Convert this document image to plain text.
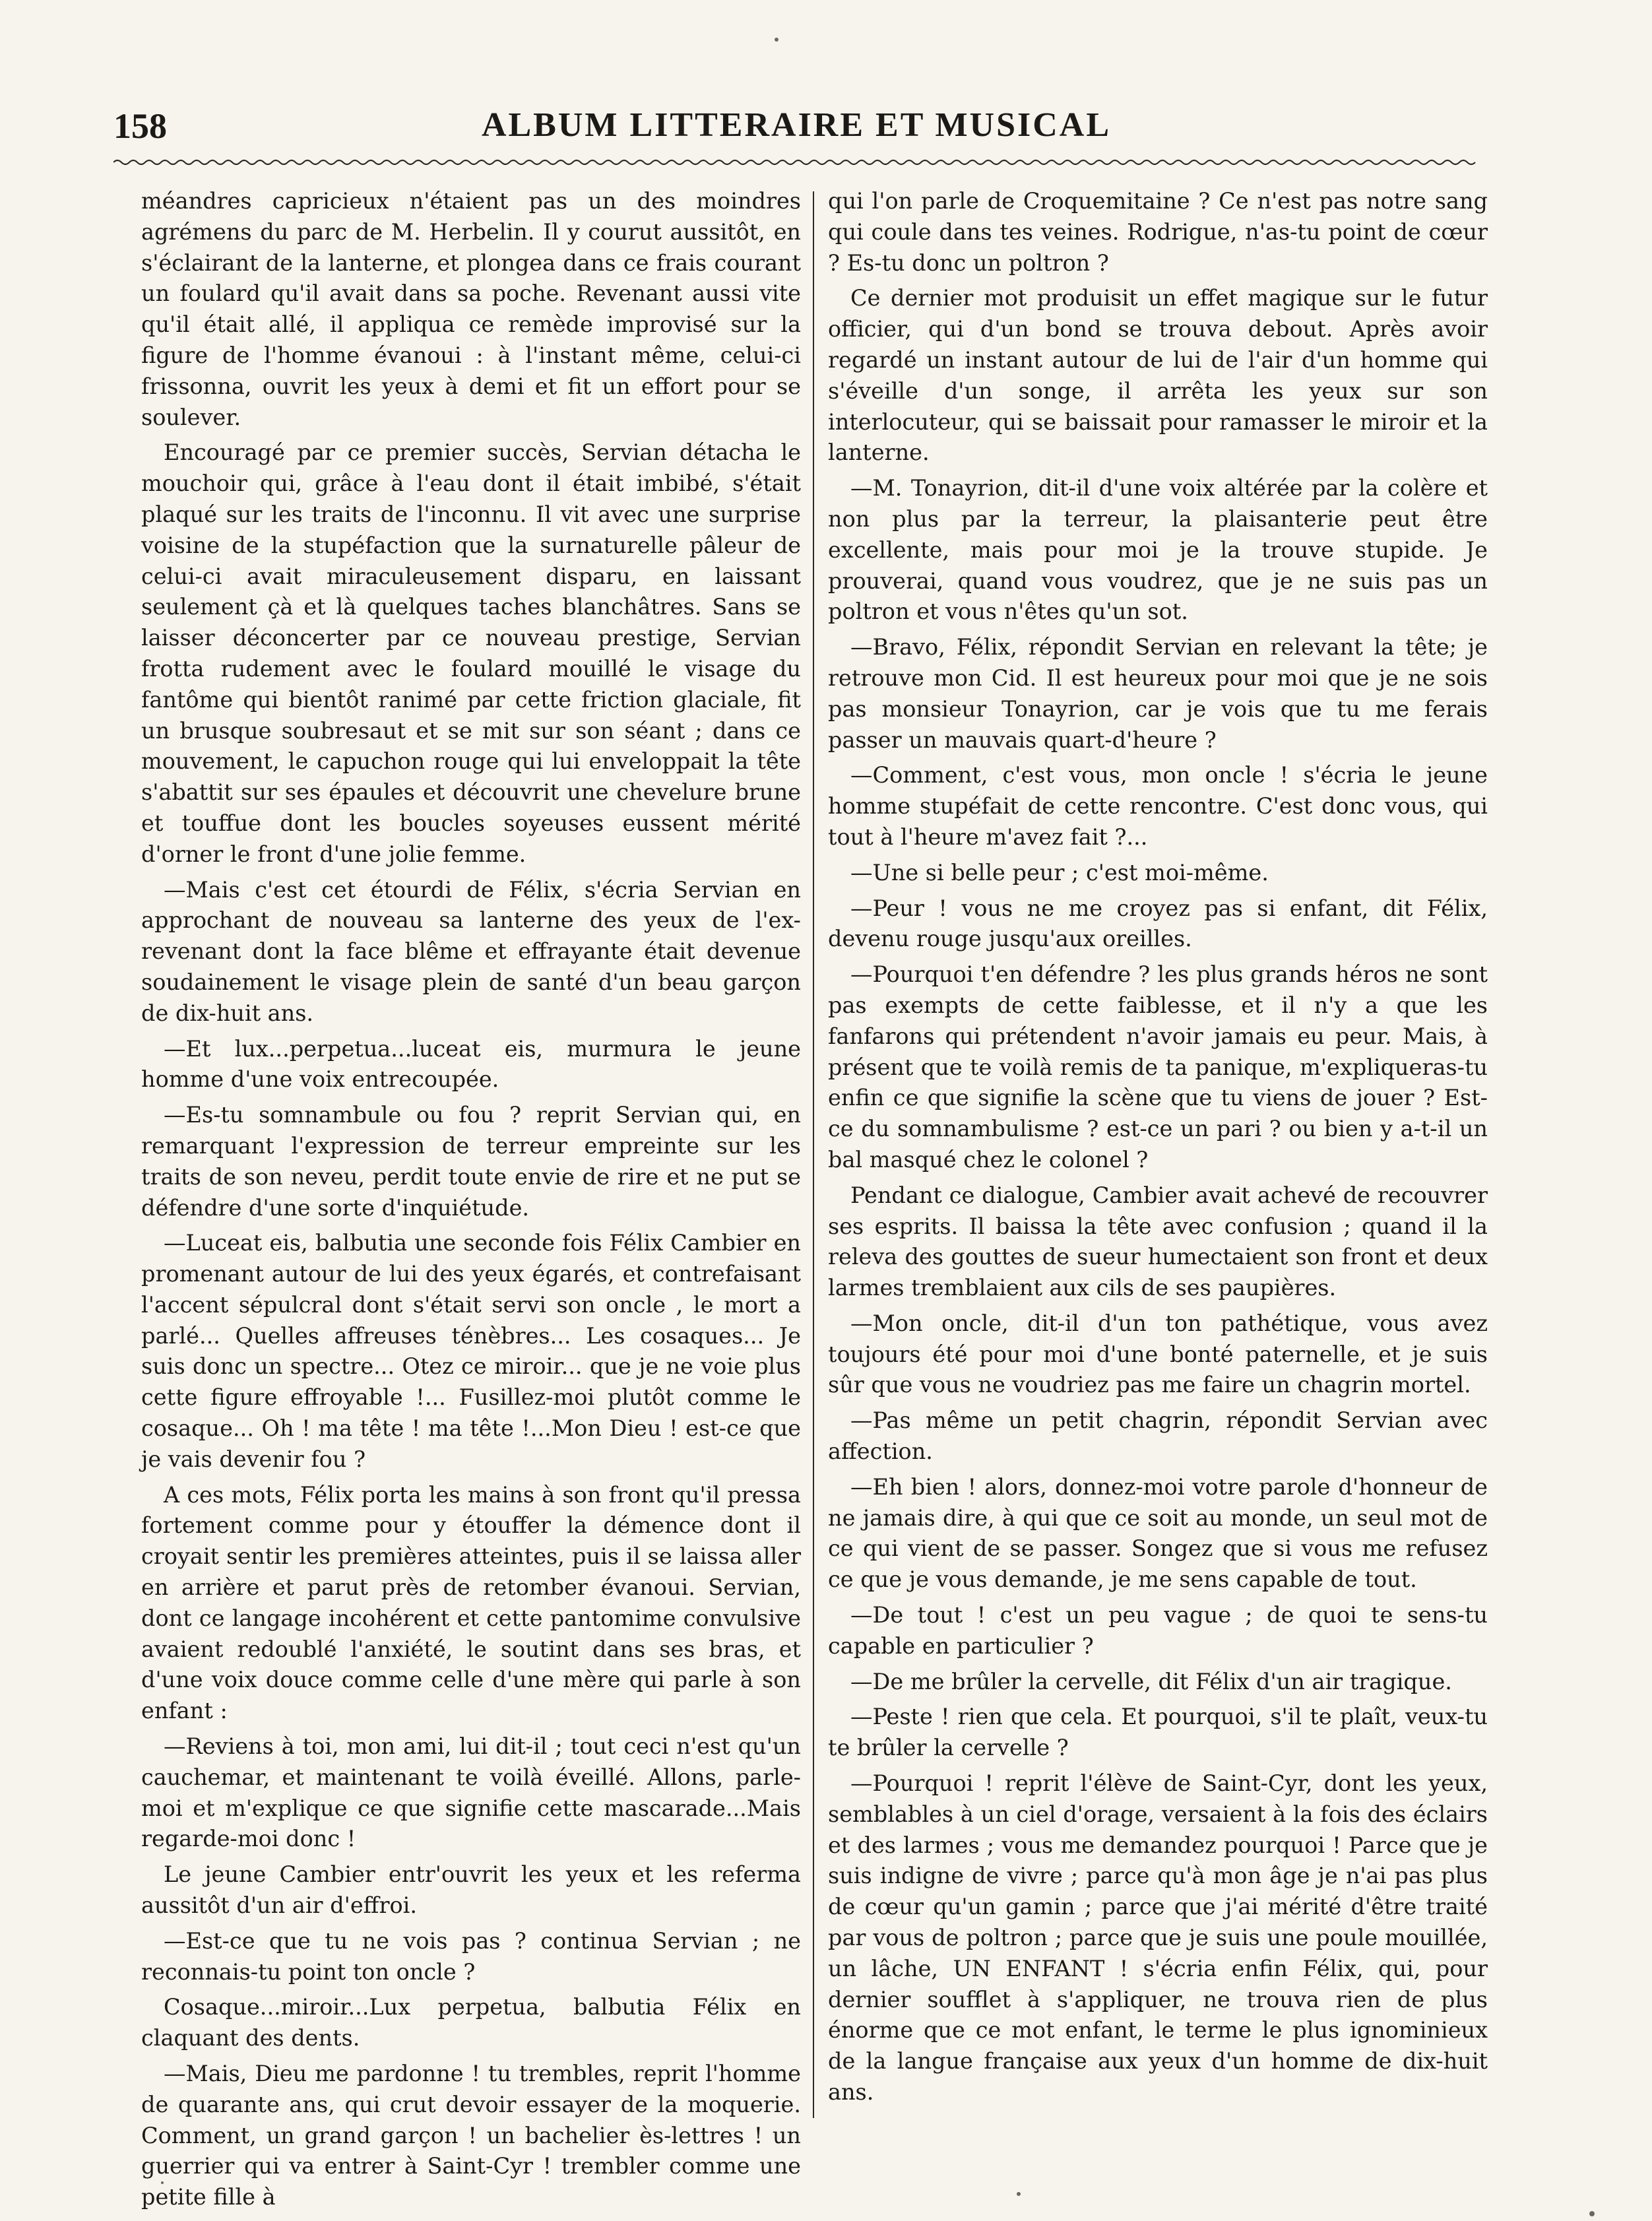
158	ALBUM LITTERAIRE ET MUSICAL

méandres capricieux n'étaient pas un des moindres agrémens du parc de M. Herbelin. Il y courut aussitôt, en s'éclairant de la lanterne, et plongea dans ce frais courant un foulard qu'il avait dans sa poche. Revenant aussi vite qu'il était allé, il appliqua ce remède improvisé sur la figure de l'homme évanoui : à l'instant même, celui-ci frissonna, ouvrit les yeux à demi et fit un effort pour se soulever.

Encouragé par ce premier succès, Servian détacha le mouchoir qui, grâce à l'eau dont il était imbibé, s'était plaqué sur les traits de l'inconnu. Il vit avec une surprise voisine de la stupéfaction que la surnaturelle pâleur de celui-ci avait miraculeusement disparu, en laissant seulement çà et là quelques taches blanchâtres. Sans se laisser déconcerter par ce nouveau prestige, Servian frotta rudement avec le foulard mouillé le visage du fantôme qui bientôt ranimé par cette friction glaciale, fit un brusque soubresaut et se mit sur son séant ; dans ce mouvement, le capuchon rouge qui lui enveloppait la tête s'abattit sur ses épaules et découvrit une chevelure brune et touffue dont les boucles soyeuses eussent mérité d'orner le front d'une jolie femme.

—Mais c'est cet étourdi de Félix, s'écria Servian en approchant de nouveau sa lanterne des yeux de l'ex-revenant dont la face blême et effrayante était devenue soudainement le visage plein de santé d'un beau garçon de dix-huit ans.

—Et lux...perpetua...luceat eis, murmura le jeune homme d'une voix entrecoupée.

—Es-tu somnambule ou fou ? reprit Servian qui, en remarquant l'expression de terreur empreinte sur les traits de son neveu, perdit toute envie de rire et ne put se défendre d'une sorte d'inquiétude.

—Luceat eis, balbutia une seconde fois Félix Cambier en promenant autour de lui des yeux égarés, et contrefaisant l'accent sépulcral dont s'était servi son oncle , le mort a parlé... Quelles affreuses ténèbres... Les cosaques... Je suis donc un spectre... Otez ce miroir... que je ne voie plus cette figure effroyable !... Fusillez-moi plutôt comme le cosaque... Oh ! ma tête ! ma tête !...Mon Dieu ! est-ce que je vais devenir fou ?

A ces mots, Félix porta les mains à son front qu'il pressa fortement comme pour y étouffer la démence dont il croyait sentir les premières atteintes, puis il se laissa aller en arrière et parut près de retomber évanoui. Servian, dont ce langage incohérent et cette pantomime convulsive avaient redoublé l'anxiété, le soutint dans ses bras, et d'une voix douce comme celle d'une mère qui parle à son enfant :

—Reviens à toi, mon ami, lui dit-il ; tout ceci n'est qu'un cauchemar, et maintenant te voilà éveillé. Allons, parle-moi et m'explique ce que signifie cette mascarade...Mais regarde-moi donc !

Le jeune Cambier entr'ouvrit les yeux et les referma aussitôt d'un air d'effroi.

—Est-ce que tu ne vois pas ? continua Servian ; ne reconnais-tu point ton oncle ?

Cosaque...miroir...Lux perpetua, balbutia Félix en claquant des dents.

—Mais, Dieu me pardonne ! tu trembles, reprit l'homme de quarante ans, qui crut devoir essayer de la moquerie. Comment, un grand garçon ! un bachelier ès-lettres ! un guerrier qui va entrer à Saint-Cyr ! trembler comme une petite fille à

qui l'on parle de Croquemitaine ? Ce n'est pas notre sang qui coule dans tes veines. Rodrigue, n'as-tu point de cœur ? Es-tu donc un poltron ?

Ce dernier mot produisit un effet magique sur le futur officier, qui d'un bond se trouva debout. Après avoir regardé un instant autour de lui de l'air d'un homme qui s'éveille d'un songe, il arrêta les yeux sur son interlocuteur, qui se baissait pour ramasser le miroir et la lanterne.

—M. Tonayrion, dit-il d'une voix altérée par la colère et non plus par la terreur, la plaisanterie peut être excellente, mais pour moi je la trouve stupide. Je prouverai, quand vous voudrez, que je ne suis pas un poltron et vous n'êtes qu'un sot.

—Bravo, Félix, répondit Servian en relevant la tête; je retrouve mon Cid. Il est heureux pour moi que je ne sois pas monsieur Tonayrion, car je vois que tu me ferais passer un mauvais quart-d'heure ?

—Comment, c'est vous, mon oncle ! s'écria le jeune homme stupéfait de cette rencontre. C'est donc vous, qui tout à l'heure m'avez fait ?...

—Une si belle peur ; c'est moi-même.

—Peur ! vous ne me croyez pas si enfant, dit Félix, devenu rouge jusqu'aux oreilles.

—Pourquoi t'en défendre ? les plus grands héros ne sont pas exempts de cette faiblesse, et il n'y a que les fanfarons qui prétendent n'avoir jamais eu peur. Mais, à présent que te voilà remis de ta panique, m'expliqueras-tu enfin ce que signifie la scène que tu viens de jouer ? Est-ce du somnambulisme ? est-ce un pari ? ou bien y a-t-il un bal masqué chez le colonel ?

Pendant ce dialogue, Cambier avait achevé de recouvrer ses esprits. Il baissa la tête avec confusion ; quand il la releva des gouttes de sueur humectaient son front et deux larmes tremblaient aux cils de ses paupières.

—Mon oncle, dit-il d'un ton pathétique, vous avez toujours été pour moi d'une bonté paternelle, et je suis sûr que vous ne voudriez pas me faire un chagrin mortel.

—Pas même un petit chagrin, répondit Servian avec affection.

—Eh bien ! alors, donnez-moi votre parole d'honneur de ne jamais dire, à qui que ce soit au monde, un seul mot de ce qui vient de se passer. Songez que si vous me refusez ce que je vous demande, je me sens capable de tout.

—De tout ! c'est un peu vague ; de quoi te sens-tu capable en particulier ?

—De me brûler la cervelle, dit Félix d'un air tragique.

—Peste ! rien que cela. Et pourquoi, s'il te plaît, veux-tu te brûler la cervelle ?

—Pourquoi ! reprit l'élève de Saint-Cyr, dont les yeux, semblables à un ciel d'orage, versaient à la fois des éclairs et des larmes ; vous me demandez pourquoi ! Parce que je suis indigne de vivre ; parce qu'à mon âge je n'ai pas plus de cœur qu'un gamin ; parce que j'ai mérité d'être traité par vous de poltron ; parce que je suis une poule mouillée, un lâche, UN ENFANT ! s'écria enfin Félix, qui, pour dernier soufflet à s'appliquer, ne trouva rien de plus énorme que ce mot enfant, le terme le plus ignominieux de la langue française aux yeux d'un homme de dix-huit ans.
